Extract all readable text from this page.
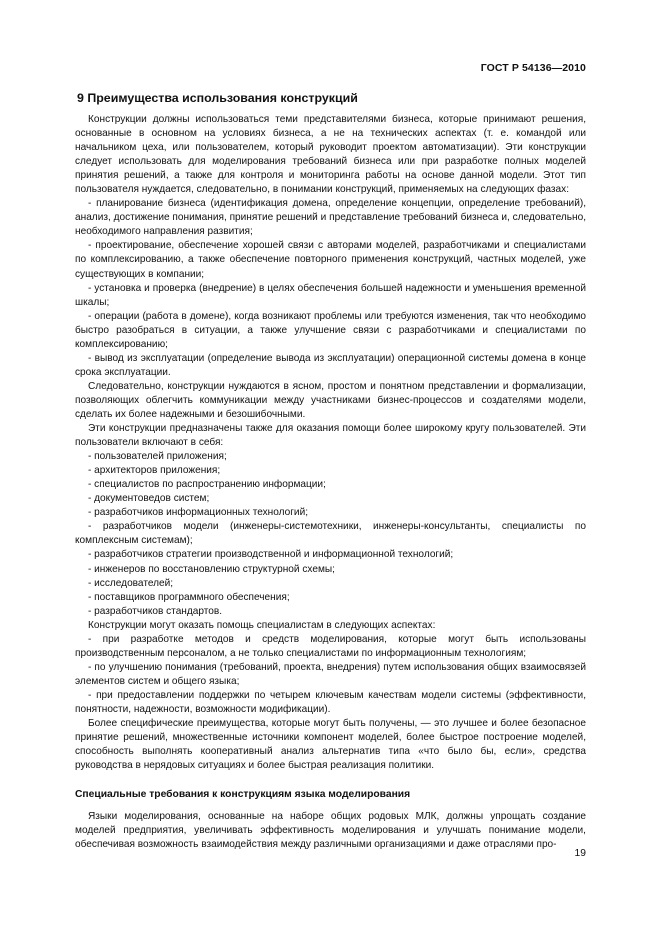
ГОСТ Р 54136—2010
9 Преимущества использования конструкций

Конструкции должны использоваться теми представителями бизнеса, которые принимают решения, основанные в основном на условиях бизнеса, а не на технических аспектах (т. е. командой или начальником цеха, или пользователем, который руководит проектом автоматизации). Эти конструкции следует использовать для моделирования требований бизнеса или при разработке полных моделей принятия решений, а также для контроля и мониторинга работы на основе данной модели. Этот тип пользователя нуждается, следовательно, в понимании конструкций, применяемых на следующих фазах:

- планирование бизнеса (идентификация домена, определение концепции, определение требований), анализ, достижение понимания, принятие решений и представление требований бизнеса и, следовательно, необходимого направления развития;
- проектирование, обеспечение хорошей связи с авторами моделей, разработчиками и специалистами по комплексированию, а также обеспечение повторного применения конструкций, частных моделей, уже существующих в компании;
- установка и проверка (внедрение) в целях обеспечения большей надежности и уменьшения временной шкалы;
- операции (работа в домене), когда возникают проблемы или требуются изменения, так что необходимо быстро разобраться в ситуации, а также улучшение связи с разработчиками и специалистами по комплексированию;
- вывод из эксплуатации (определение вывода из эксплуатации) операционной системы домена в конце срока эксплуатации.

Следовательно, конструкции нуждаются в ясном, простом и понятном представлении и формализации, позволяющих облегчить коммуникации между участниками бизнес-процессов и создателями модели, сделать их более надежными и безошибочными.

Эти конструкции предназначены также для оказания помощи более широкому кругу пользователей. Эти пользователи включают в себя:

- пользователей приложения;
- архитекторов приложения;
- специалистов по распространению информации;
- документоведов систем;
- разработчиков информационных технологий;
- разработчиков модели (инженеры-системотехники, инженеры-консультанты, специалисты по комплексным системам);
- разработчиков стратегии производственной и информационной технологий;
- инженеров по восстановлению структурной схемы;
- исследователей;
- поставщиков программного обеспечения;
- разработчиков стандартов.

Конструкции могут оказать помощь специалистам в следующих аспектах:

- при разработке методов и средств моделирования, которые могут быть использованы производственным персоналом, а не только специалистами по информационным технологиям;
- по улучшению понимания (требований, проекта, внедрения) путем использования общих взаимосвязей элементов систем и общего языка;
- при предоставлении поддержки по четырем ключевым качествам модели системы (эффективности, понятности, надежности, возможности модификации).

Более специфические преимущества, которые могут быть получены, — это лучшее и более безопасное принятие решений, множественные источники компонент моделей, более быстрое построение моделей, способность выполнять кооперативный анализ альтернатив типа «что было бы, если», средства руководства в нерядовых ситуациях и более быстрая реализация политики.

Специальные требования к конструкциям языка моделирования

Языки моделирования, основанные на наборе общих родовых МЛК, должны упрощать создание моделей предприятия, увеличивать эффективность моделирования и улучшать понимание модели, обеспечивая возможность взаимодействия между различными организациями и даже отраслями про-

19
